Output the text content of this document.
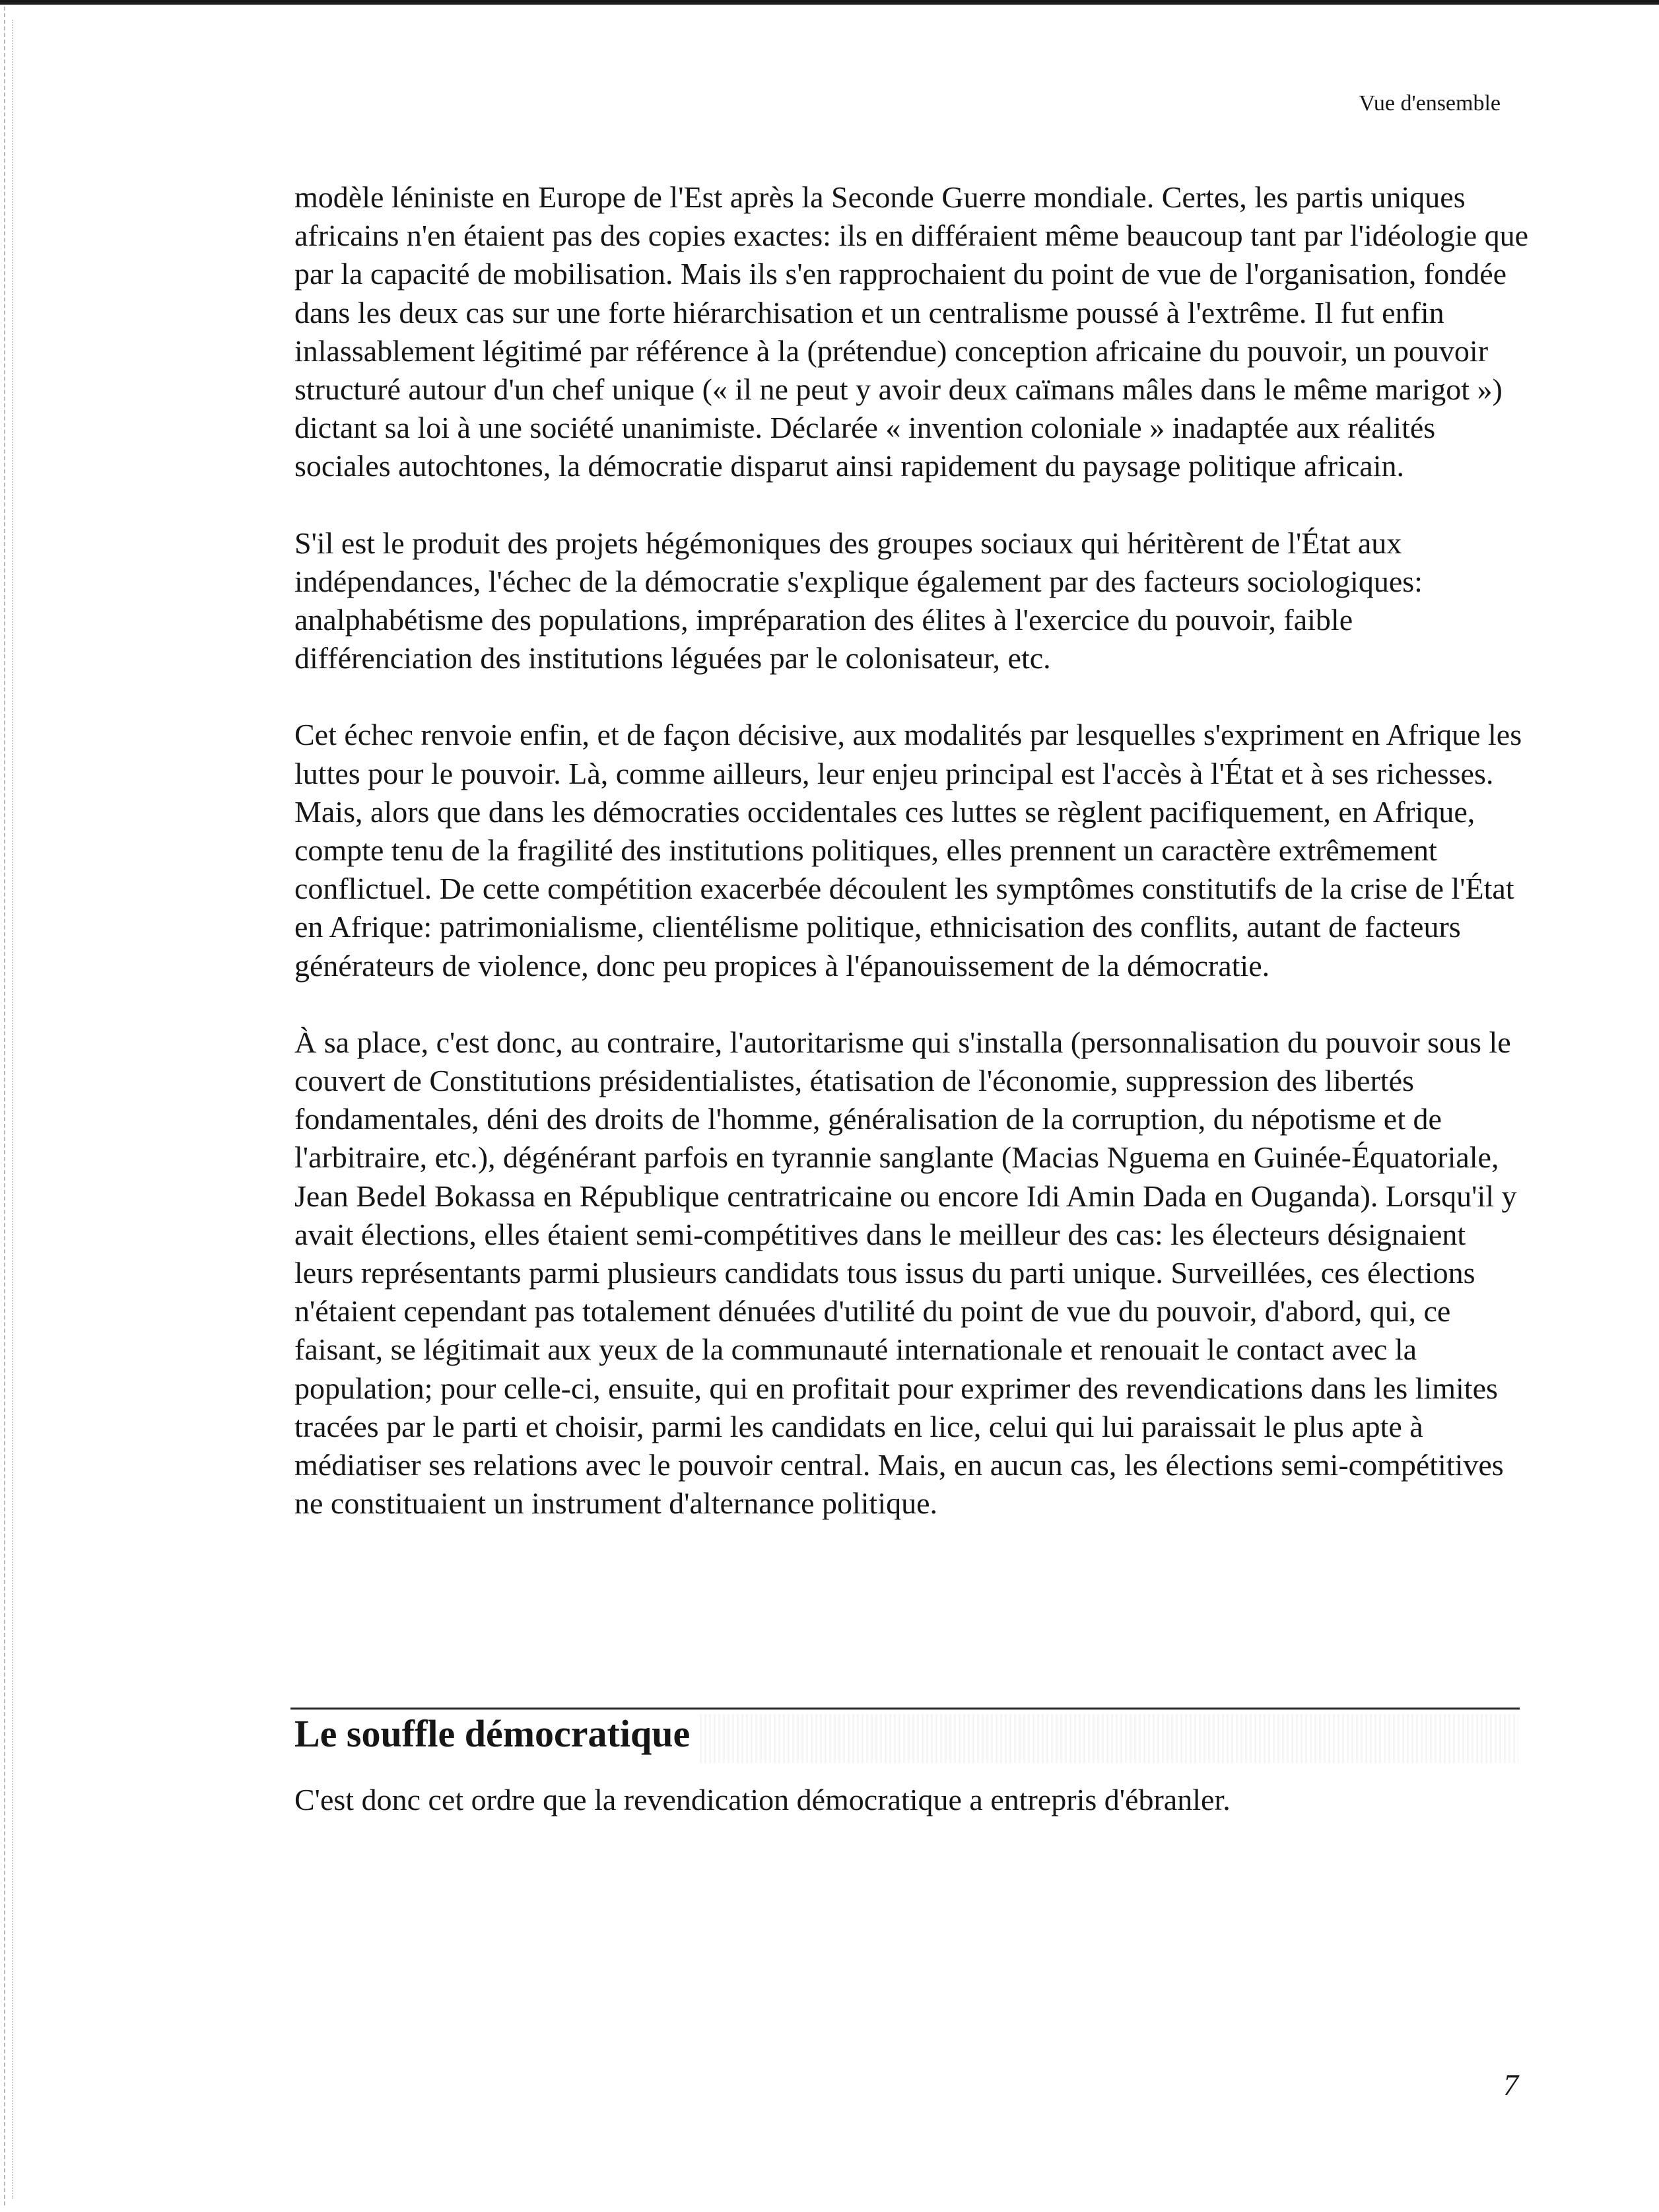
Vue d'ensemble

modèle léniniste en Europe de l'Est après la Seconde Guerre mondiale. Certes, les partis uniques africains n'en étaient pas des copies exactes: ils en différaient même beaucoup tant par l'idéologie que par la capacité de mobilisation. Mais ils s'en rapprochaient du point de vue de l'organisation, fondée dans les deux cas sur une forte hiérarchisation et un centralisme poussé à l'extrême. Il fut enfin inlassablement légitimé par référence à la (prétendue) conception africaine du pouvoir, un pouvoir structuré autour d'un chef unique (« il ne peut y avoir deux caïmans mâles dans le même marigot ») dictant sa loi à une société unanimiste. Déclarée « invention coloniale » inadaptée aux réalités sociales autochtones, la démocratie disparut ainsi rapidement du paysage politique africain.

S'il est le produit des projets hégémoniques des groupes sociaux qui héritèrent de l'État aux indépendances, l'échec de la démocratie s'explique également par des facteurs sociologiques: analphabétisme des populations, impréparation des élites à l'exercice du pouvoir, faible différenciation des institutions léguées par le colonisateur, etc.

Cet échec renvoie enfin, et de façon décisive, aux modalités par lesquelles s'expriment en Afrique les luttes pour le pouvoir. Là, comme ailleurs, leur enjeu principal est l'accès à l'État et à ses richesses. Mais, alors que dans les démocraties occidentales ces luttes se règlent pacifiquement, en Afrique, compte tenu de la fragilité des institutions politiques, elles prennent un caractère extrêmement conflictuel. De cette compétition exacerbée découlent les symptômes constitutifs de la crise de l'État en Afrique: patrimonialisme, clientélisme politique, ethnicisation des conflits, autant de facteurs générateurs de violence, donc peu propices à l'épanouissement de la démocratie.

À sa place, c'est donc, au contraire, l'autoritarisme qui s'installa (personnalisation du pouvoir sous le couvert de Constitutions présidentialistes, étatisation de l'économie, suppression des libertés fondamentales, déni des droits de l'homme, généralisation de la corruption, du népotisme et de l'arbitraire, etc.), dégénérant parfois en tyrannie sanglante (Macias Nguema en Guinée-Équatoriale, Jean Bedel Bokassa en République centratricaine ou encore Idi Amin Dada en Ouganda). Lorsqu'il y avait élections, elles étaient semi-compétitives dans le meilleur des cas: les électeurs désignaient leurs représentants parmi plusieurs candidats tous issus du parti unique. Surveillées, ces élections n'étaient cependant pas totalement dénuées d'utilité du point de vue du pouvoir, d'abord, qui, ce faisant, se légitimait aux yeux de la communauté internationale et renouait le contact avec la population; pour celle-ci, ensuite, qui en profitait pour exprimer des revendications dans les limites tracées par le parti et choisir, parmi les candidats en lice, celui qui lui paraissait le plus apte à médiatiser ses relations avec le pouvoir central. Mais, en aucun cas, les élections semi-compétitives ne constituaient un instrument d'alternance politique.

Le souffle démocratique
C'est donc cet ordre que la revendication démocratique a entrepris d'ébranler.
7
